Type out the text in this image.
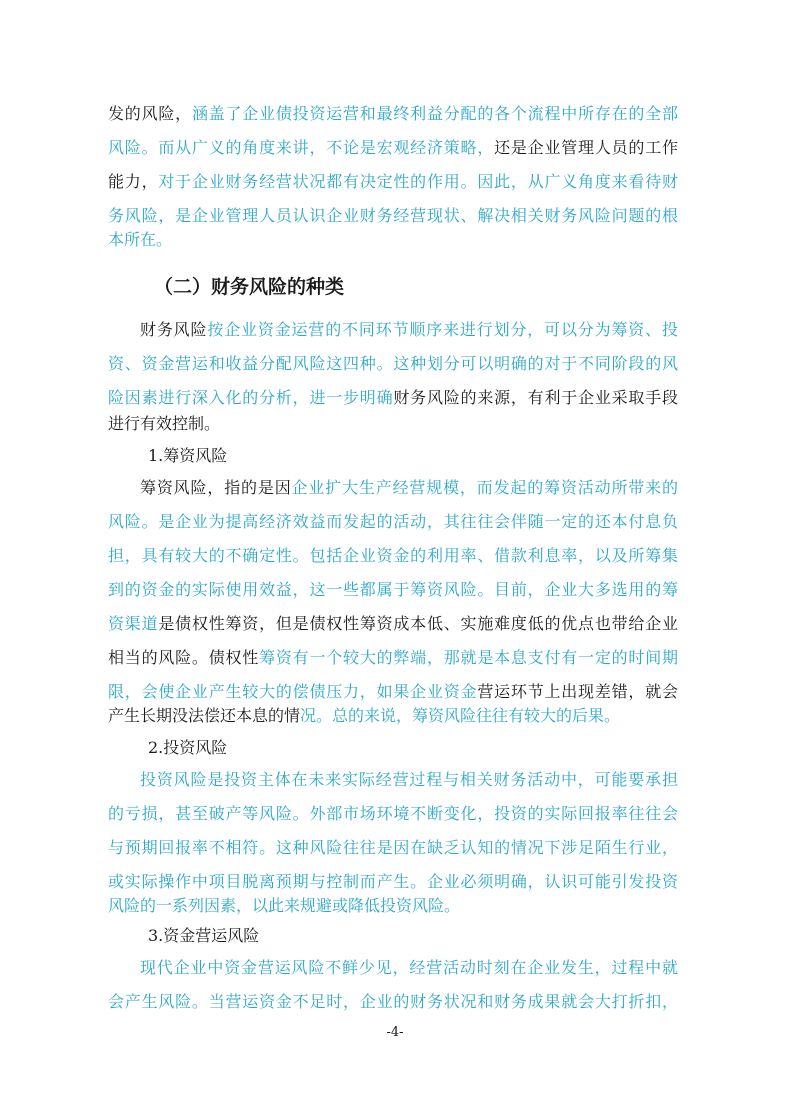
发的风险，涵盖了企业债投资运营和最终利益分配的各个流程中所存在的全部
风险。而从广义的角度来讲，不论是宏观经济策略，还是企业管理人员的工作
能力，对于企业财务经营状况都有决定性的作用。因此，从广义角度来看待财
务风险，是企业管理人员认识企业财务经营现状、解决相关财务风险问题的根
本所在。
（二）财务风险的种类
财务风险按企业资金运营的不同环节顺序来进行划分，可以分为筹资、投
资、资金营运和收益分配风险这四种。这种划分可以明确的对于不同阶段的风
险因素进行深入化的分析，进一步明确财务风险的来源，有利于企业采取手段
进行有效控制。
1.筹资风险
筹资风险，指的是因企业扩大生产经营规模，而发起的筹资活动所带来的
风险。是企业为提高经济效益而发起的活动，其往往会伴随一定的还本付息负
担，具有较大的不确定性。包括企业资金的利用率、借款利息率，以及所筹集
到的资金的实际使用效益，这一些都属于筹资风险。目前，企业大多选用的筹
资渠道是债权性筹资，但是债权性筹资成本低、实施难度低的优点也带给企业
相当的风险。债权性筹资有一个较大的弊端，那就是本息支付有一定的时间期
限，会使企业产生较大的偿债压力，如果企业资金营运环节上出现差错，就会
产生长期没法偿还本息的情况。总的来说，筹资风险往往有较大的后果。
2.投资风险
投资风险是投资主体在未来实际经营过程与相关财务活动中，可能要承担
的亏损，甚至破产等风险。外部市场环境不断变化，投资的实际回报率往往会
与预期回报率不相符。这种风险往往是因在缺乏认知的情况下涉足陌生行业，
或实际操作中项目脱离预期与控制而产生。企业必须明确，认识可能引发投资
风险的一系列因素，以此来规避或降低投资风险。
3.资金营运风险
现代企业中资金营运风险不鲜少见，经营活动时刻在企业发生，过程中就
会产生风险。当营运资金不足时，企业的财务状况和财务成果就会大打折扣，
-4-
